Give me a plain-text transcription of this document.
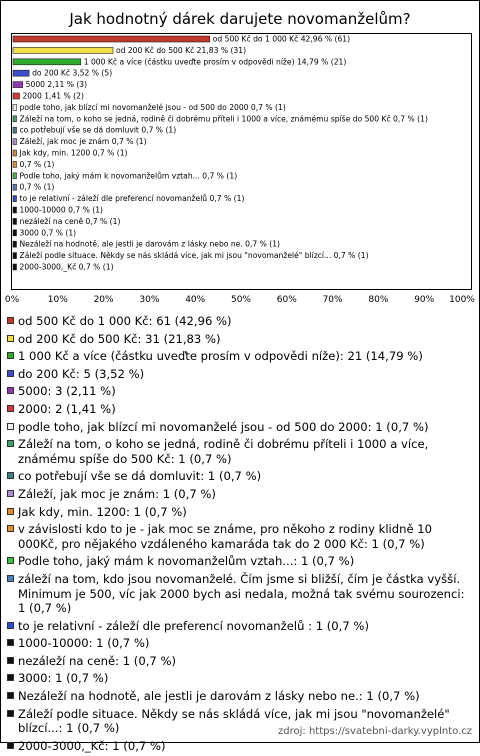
Jak hodnotný dárek darujete novomanželům?
od 500 Kč do 1 000 Kč 42,96 % (61)
od 200 Kč do 500 Kč 21,83 % (31)
1 000 Kč a více (částku uveďte prosím v odpovědi níže) 14,79 % (21)
do 200 Kč 3,52 % (5)
5000 2,11 % (3)
2000 1,41 % (2)
podle toho, jak blízcí mi novomanželé jsou - od 500 do 2000 0,7 % (1)
Záleží na tom, o koho se jedná, rodině či dobrému příteli i 1000 a více, známému spíše do 500 Kč 0,7 % (1)
co potřebují vše se dá domluvit 0,7 % (1)
Záleží, jak moc je znám 0,7 % (1)
Jak kdy, min. 1200 0,7 % (1)
0,7 % (1)
Podle toho, jaký mám k novomanželům vztah... 0,7 % (1)
0,7 % (1)
to je relativní - záleží dle preferencí novomanželů 0,7 % (1)
1000-10000 0,7 % (1)
nezáleží na ceně 0,7 % (1)
3000 0,7 % (1)
Nezáleží na hodnotě, ale jestli je darovám z lásky nebo ne. 0,7 % (1)
Záleží podle situace. Někdy se nás skládá více, jak mi jsou "novomanželé" blízcí... 0,7 % (1)
2000-3000,_Kč 0,7 % (1)
0%	10%	20%	30%	40%	50%	60%	70%	80%	90% 100%
od 500 Kč do 1 000 Kč: 61 (42,96 %)
od 200 Kč do 500 Kč: 31 (21,83 %)
1 000 Kč a více (částku uveďte prosím v odpovědi níže): 21 (14,79 %)
do 200 Kč: 5 (3,52 %)
5000: 3 (2,11 %)
2000: 2 (1,41 %)
podle toho, jak blízcí mi novomanželé jsou - od 500 do 2000: 1 (0,7 %)
Záleží na tom, o koho se jedná, rodině či dobrému příteli i 1000 a více, známému spíše do 500 Kč: 1 (0,7 %)
co potřebují vše se dá domluvit: 1 (0,7 %)
Záleží, jak moc je znám: 1 (0,7 %)
Jak kdy, min. 1200: 1 (0,7 %)
v závislosti kdo to je - jak moc se známe, pro někoho z rodiny klidně 10 000Kč, pro nějakého vzdáleného kamaráda tak do 2 000 Kč: 1 (0,7 %)
Podle toho, jaký mám k novomanželům vztah...: 1 (0,7 %)
záleží na tom, kdo jsou novomanželé. Čím jsme si bližší, čím je částka vyšší. Minimum je 500, víc jak 2000 bych asi nedala, možná tak svému sourozenci: 1 (0,7 %)
to je relativní - záleží dle preferencí novomanželů : 1 (0,7 %)
1000-10000: 1 (0,7 %)
nezáleží na ceně: 1 (0,7 %)
3000: 1 (0,7 %)
Nezáleží na hodnotě, ale jestli je darovám z lásky nebo ne.: 1 (0,7 %)
Záleží podle situace. Někdy se nás skládá více, jak mi jsou "novomanželé" blízcí...: 1 (0,7 %)
2000-3000,_Kč: 1 (0,7 %)
zdroj: https://svatebni-darky.vyplnto.cz
